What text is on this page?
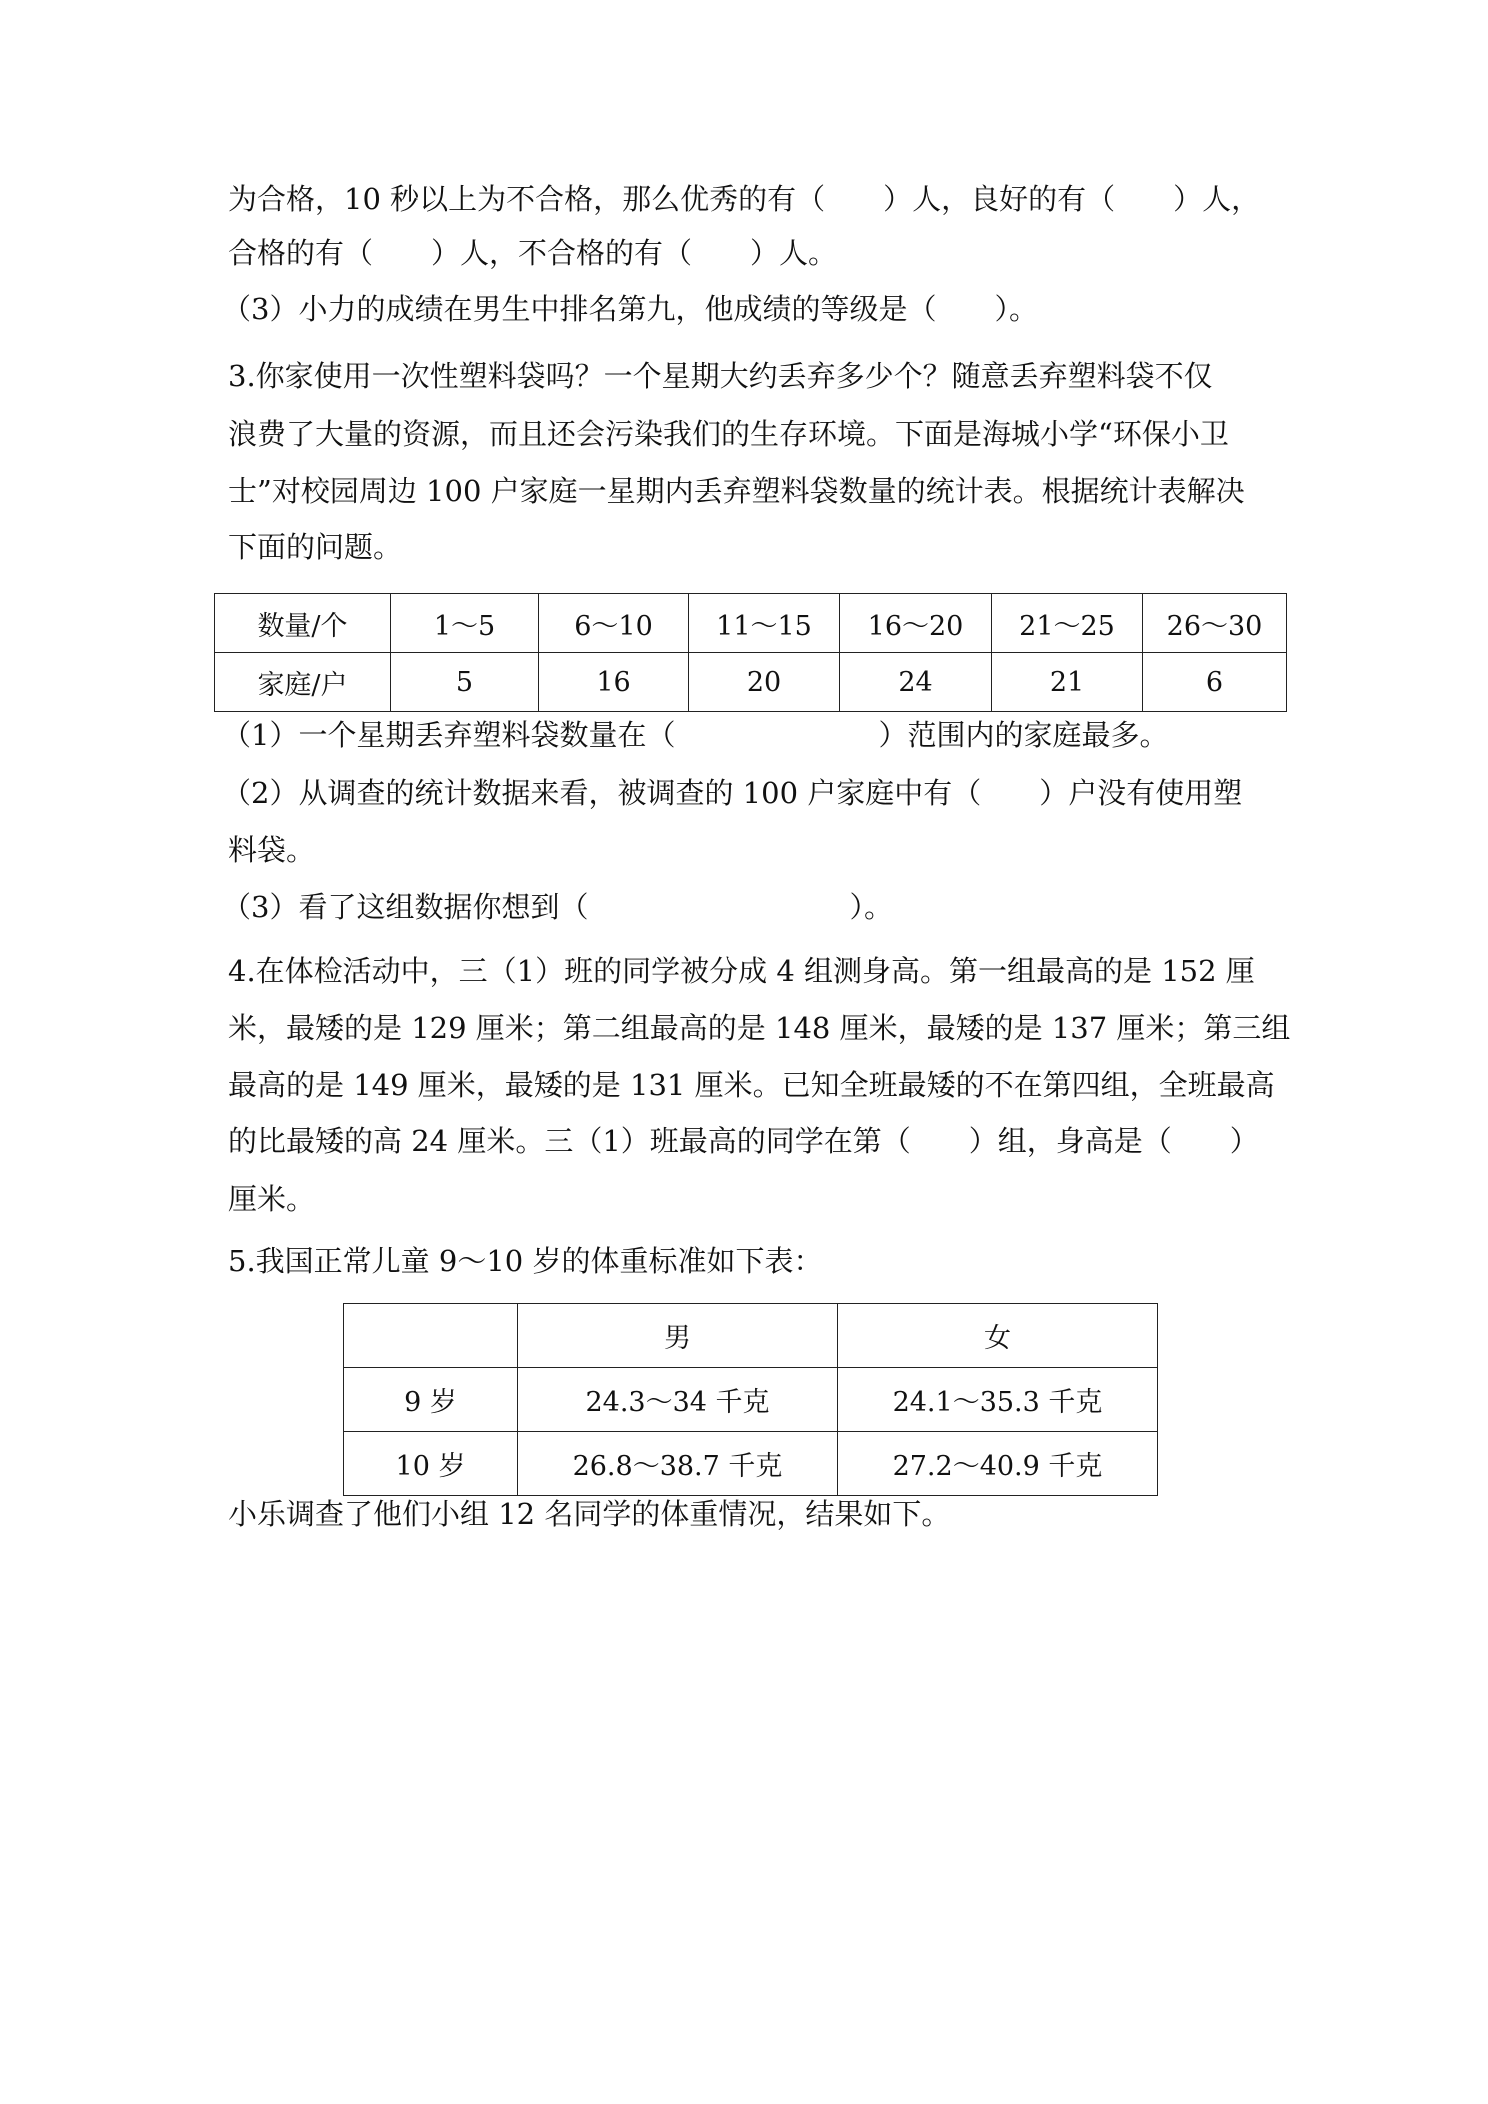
为合格，10 秒以上为不合格，那么优秀的有（　　）人，良好的有（　　）人，
合格的有（　　）人，不合格的有（　　）人。
（3）小力的成绩在男生中排名第九，他成绩的等级是（　　）。
3.你家使用一次性塑料袋吗？一个星期大约丢弃多少个？随意丢弃塑料袋不仅
浪费了大量的资源，而且还会污染我们的生存环境。下面是海城小学“环保小卫
士”对校园周边 100 户家庭一星期内丢弃塑料袋数量的统计表。根据统计表解决
下面的问题。
数量/个	1～5	6～10	11～15	16～20	21～25	26～30
家庭/户	5	16	20	24	21	6
（1）一个星期丢弃塑料袋数量在（　　　　　　　）范围内的家庭最多。
（2）从调查的统计数据来看，被调查的 100 户家庭中有（　　）户没有使用塑
料袋。
（3）看了这组数据你想到（　　　　　　　　　）。
4.在体检活动中，三（1）班的同学被分成 4 组测身高。第一组最高的是 152 厘
米，最矮的是 129 厘米；第二组最高的是 148 厘米，最矮的是 137 厘米；第三组
最高的是 149 厘米，最矮的是 131 厘米。已知全班最矮的不在第四组，全班最高
的比最矮的高 24 厘米。三（1）班最高的同学在第（　　）组，身高是（　　）
厘米。
5.我国正常儿童 9～10 岁的体重标准如下表：
	男	女
9 岁	24.3～34 千克	24.1～35.3 千克
10 岁	26.8～38.7 千克	27.2～40.9 千克
小乐调查了他们小组 12 名同学的体重情况，结果如下。
